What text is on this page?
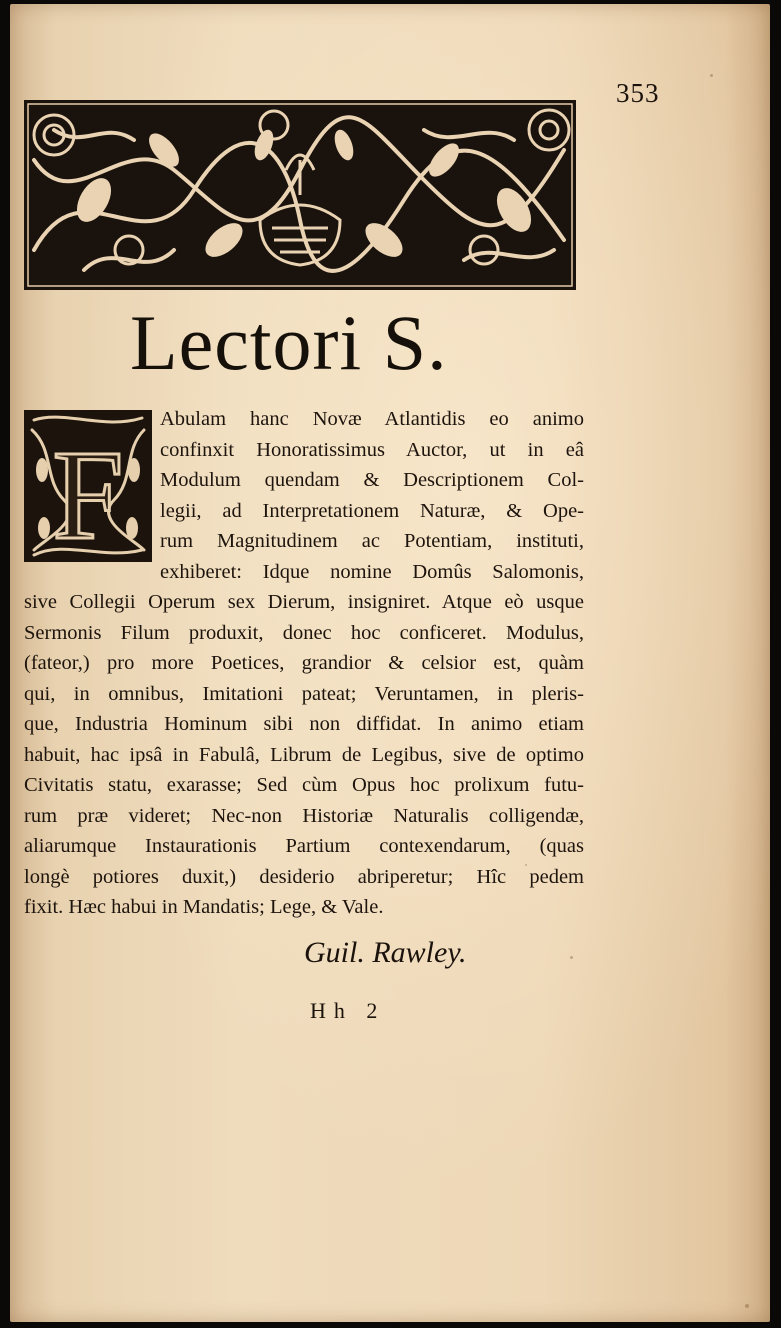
353
Lectori S.
F
Abulam hanc Novæ Atlantidis eo animo
confinxit Honoratissimus Auctor, ut in eâ
Modulum quendam & Descriptionem Col-
legii, ad Interpretationem Naturæ, & Ope-
rum Magnitudinem ac Potentiam, instituti,
exhiberet: Idque nomine Domûs Salomonis,
sive Collegii Operum sex Dierum, insigniret. Atque eò usque
Sermonis Filum produxit, donec hoc conficeret. Modulus,
(fateor,) pro more Poetices, grandior & celsior est, quàm
qui, in omnibus, Imitationi pateat; Veruntamen, in pleris-
que, Industria Hominum sibi non diffidat. In animo etiam
habuit, hac ipsâ in Fabulâ, Librum de Legibus, sive de optimo
Civitatis statu, exarasse; Sed cùm Opus hoc prolixum futu-
rum præ videret; Nec-non Historiæ Naturalis colligendæ,
aliarumque Instaurationis Partium contexendarum, (quas
longè potiores duxit,) desiderio abriperetur; Hîc pedem
fixit. Hæc habui in Mandatis; Lege, & Vale.
Guil. Rawley.
Hh 2
